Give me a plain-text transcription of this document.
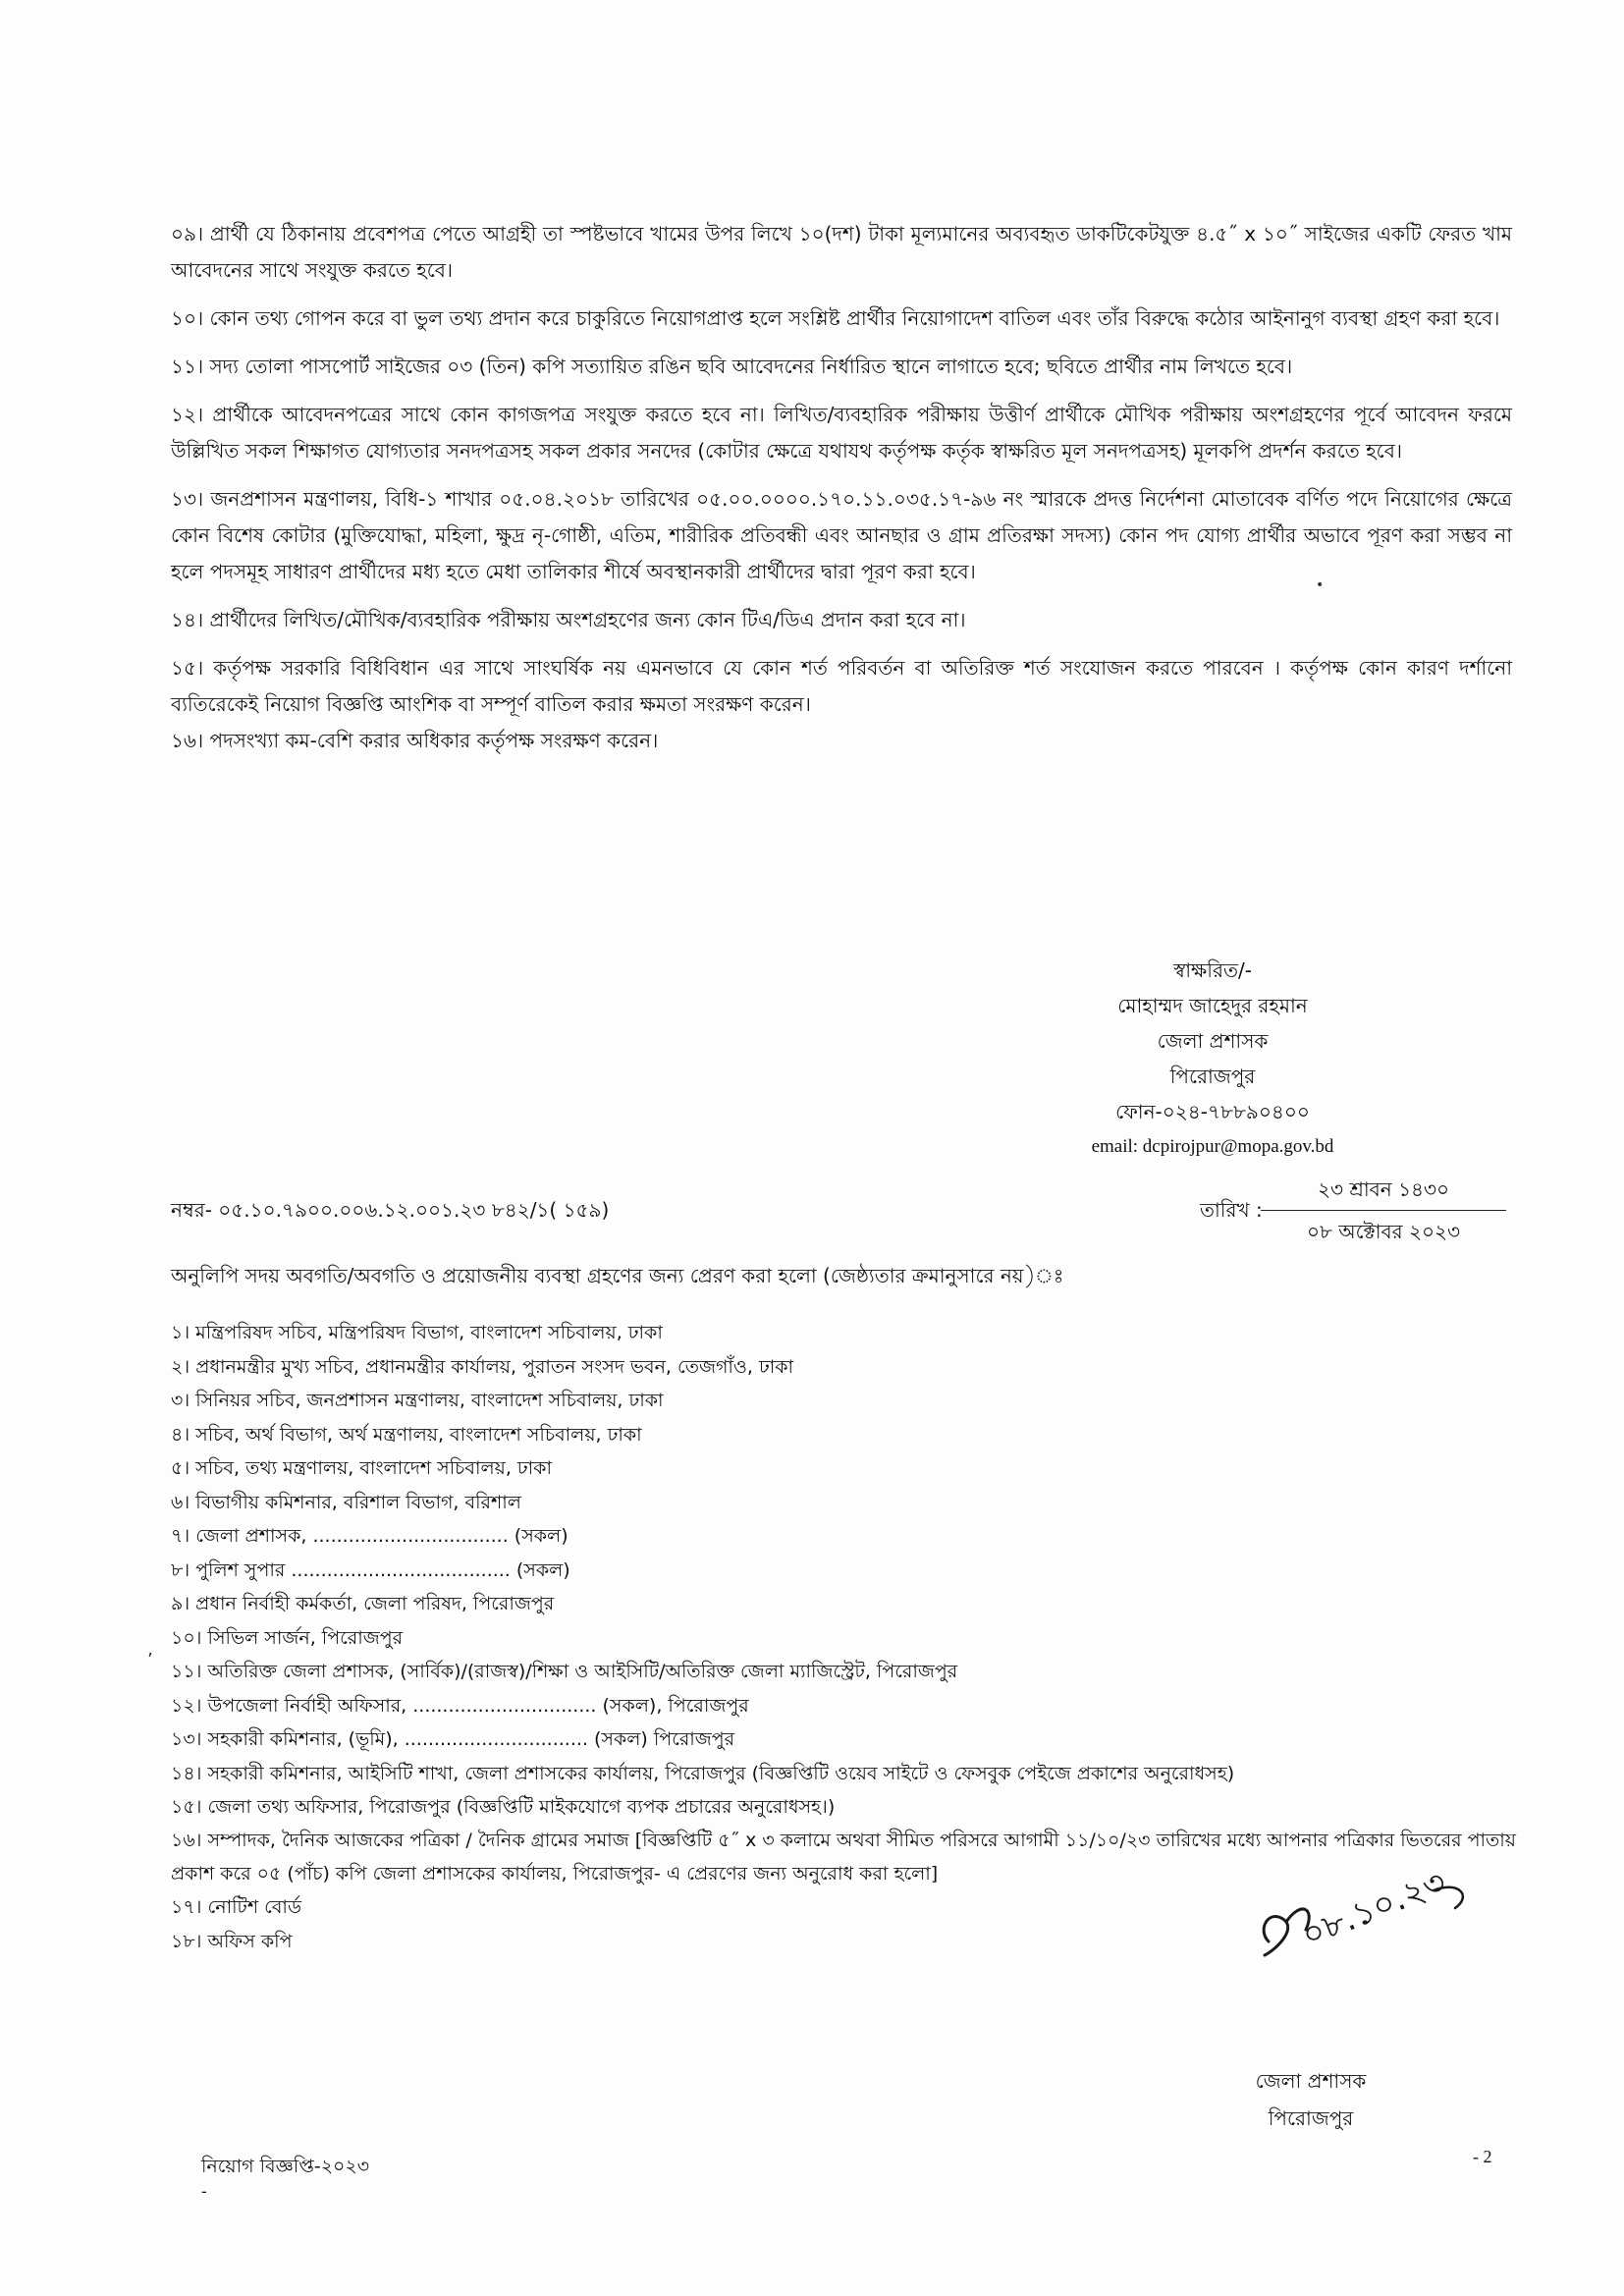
০৯। প্রার্থী যে ঠিকানায় প্রবেশপত্র পেতে আগ্রহী তা স্পষ্টভাবে খামের উপর লিখে ১০(দশ) টাকা মূল্যমানের অব্যবহৃত ডাকটিকেটযুক্ত ৪.৫˝ x ১০˝ সাইজের একটি ফেরত খাম আবেদনের সাথে সংযুক্ত করতে হবে।

১০। কোন তথ্য গোপন করে বা ভুল তথ্য প্রদান করে চাকুরিতে নিয়োগপ্রাপ্ত হলে সংশ্লিষ্ট প্রার্থীর নিয়োগাদেশ বাতিল এবং তাঁর বিরুদ্ধে কঠোর আইনানুগ ব্যবস্থা গ্রহণ করা হবে।

১১। সদ্য তোলা পাসপোর্ট সাইজের ০৩ (তিন) কপি সত্যায়িত রঙিন ছবি আবেদনের নির্ধারিত স্থানে লাগাতে হবে; ছবিতে প্রার্থীর নাম লিখতে হবে।

১২। প্রার্থীকে আবেদনপত্রের সাথে কোন কাগজপত্র সংযুক্ত করতে হবে না। লিখিত/ব্যবহারিক পরীক্ষায় উত্তীর্ণ প্রার্থীকে মৌখিক পরীক্ষায় অংশগ্রহণের পূর্বে আবেদন ফরমে উল্লিখিত সকল শিক্ষাগত যোগ্যতার সনদপত্রসহ সকল প্রকার সনদের (কোটার ক্ষেত্রে যথাযথ কর্তৃপক্ষ কর্তৃক স্বাক্ষরিত মূল সনদপত্রসহ) মূলকপি প্রদর্শন করতে হবে।

১৩। জনপ্রশাসন মন্ত্রণালয়, বিধি-১ শাখার ০৫.০৪.২০১৮ তারিখের ০৫.০০.০০০০.১৭০.১১.০৩৫.১৭-৯৬ নং স্মারকে প্রদত্ত নির্দেশনা মোতাবেক বর্ণিত পদে নিয়োগের ক্ষেত্রে কোন বিশেষ কোটার (মুক্তিযোদ্ধা, মহিলা, ক্ষুদ্র নৃ-গোষ্ঠী, এতিম, শারীরিক প্রতিবন্ধী এবং আনছার ও গ্রাম প্রতিরক্ষা সদস্য) কোন পদ যোগ্য প্রার্থীর অভাবে পূরণ করা সম্ভব না হলে পদসমূহ সাধারণ প্রার্থীদের মধ্য হতে মেধা তালিকার শীর্ষে অবস্থানকারী প্রার্থীদের দ্বারা পূরণ করা হবে।

১৪। প্রার্থীদের লিখিত/মৌখিক/ব্যবহারিক পরীক্ষায় অংশগ্রহণের জন্য কোন টিএ/ডিএ প্রদান করা হবে না।

১৫। কর্তৃপক্ষ সরকারি বিধিবিধান এর সাথে সাংঘর্ষিক নয় এমনভাবে যে কোন শর্ত পরিবর্তন বা অতিরিক্ত শর্ত সংযোজন করতে পারবেন । কর্তৃপক্ষ কোন কারণ দর্শানো ব্যতিরেকেই নিয়োগ বিজ্ঞপ্তি আংশিক বা সম্পূর্ণ বাতিল করার ক্ষমতা সংরক্ষণ করেন।

১৬। পদসংখ্যা কম-বেশি করার অধিকার কর্তৃপক্ষ সংরক্ষণ করেন।

স্বাক্ষরিত/-
মোহাম্মদ জাহেদুর রহমান
জেলা প্রশাসক
পিরোজপুর
ফোন-০২৪-৭৮৮৯০৪০০
email: dcpirojpur@mopa.gov.bd
নম্বর- ০৫.১০.৭৯০০.০০৬.১২.০০১.২৩ ৮৪২/১( ১৫৯)	তারিখ :
২৩ শ্রাবন ১৪৩০
০৮ অক্টোবর ২০২৩
অনুলিপি সদয় অবগতি/অবগতি ও প্রয়োজনীয় ব্যবস্থা গ্রহণের জন্য প্রেরণ করা হলো (জেষ্ঠ্যতার ক্রমানুসারে নয়)ঃ
১। মন্ত্রিপরিষদ সচিব, মন্ত্রিপরিষদ বিভাগ, বাংলাদেশ সচিবালয়, ঢাকা
২। প্রধানমন্ত্রীর মুখ্য সচিব, প্রধানমন্ত্রীর কার্যালয়, পুরাতন সংসদ ভবন, তেজগাঁও, ঢাকা
৩। সিনিয়র সচিব, জনপ্রশাসন মন্ত্রণালয়, বাংলাদেশ সচিবালয়, ঢাকা
৪। সচিব, অর্থ বিভাগ, অর্থ মন্ত্রণালয়, বাংলাদেশ সচিবালয়, ঢাকা
৫। সচিব, তথ্য মন্ত্রণালয়, বাংলাদেশ সচিবালয়, ঢাকা
৬। বিভাগীয় কমিশনার, বরিশাল বিভাগ, বরিশাল
৭। জেলা প্রশাসক, ................................. (সকল)
৮। পুলিশ সুপার ..................................... (সকল)
৯। প্রধান নির্বাহী কর্মকর্তা, জেলা পরিষদ, পিরোজপুর
১০। সিভিল সার্জন, পিরোজপুর
১১। অতিরিক্ত জেলা প্রশাসক, (সার্বিক)/(রাজস্ব)/শিক্ষা ও আইসিটি/অতিরিক্ত জেলা ম্যাজিস্ট্রেট, পিরোজপুর
১২। উপজেলা নির্বাহী অফিসার, ............................... (সকল), পিরোজপুর
১৩। সহকারী কমিশনার, (ভূমি), ............................... (সকল) পিরোজপুর
১৪। সহকারী কমিশনার, আইসিটি শাখা, জেলা প্রশাসকের কার্যালয়, পিরোজপুর (বিজ্ঞপ্তিটি ওয়েব সাইটে ও ফেসবুক পেইজে প্রকাশের অনুরোধসহ)
১৫। জেলা তথ্য অফিসার, পিরোজপুর (বিজ্ঞপ্তিটি মাইকযোগে ব্যপক প্রচারের অনুরোধসহ।)
১৬। সম্পাদক, দৈনিক আজকের পত্রিকা / দৈনিক গ্রামের সমাজ [বিজ্ঞপ্তিটি ৫˝ x ৩ কলামে অথবা সীমিত পরিসরে আগামী ১১/১০/২৩ তারিখের মধ্যে আপনার পত্রিকার ভিতরের পাতায় প্রকাশ করে ০৫ (পাঁচ) কপি জেলা প্রশাসকের কার্যালয়, পিরোজপুর- এ প্রেরণের জন্য অনুরোধ করা হলো]
১৭। নোটিশ বোর্ড
১৮। অফিস কপি	০৮.১০.২৩
জেলা প্রশাসক
পিরোজপুর
নিয়োগ বিজ্ঞপ্তি-২০২৩
-
- 2
•
ʼ
